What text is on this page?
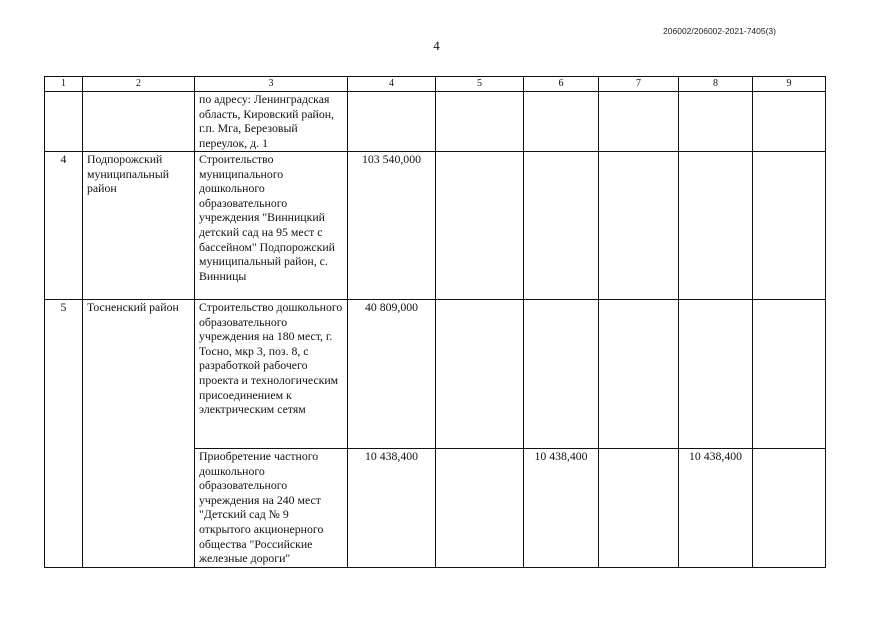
206002/206002-2021-7405(3)
4
1	2	3	4	5	6	7	8	9
		по адресу: Ленинградская область, Кировский район, г.п. Мга, Березовый переулок, д. 1						
4	Подпорожский муниципальный район	Строительство муниципального дошкольного образовательного учреждения "Винницкий детский сад на 95 мест с бассейном" Подпорожский муниципальный район, с. Винницы	103 540,000					
5	Тосненский район	Строительство дошкольного образовательного учреждения на 180 мест, г. Тосно, мкр 3, поз. 8, с разработкой рабочего проекта и технологическим присоединением к электрическим сетям	40 809,000					
		Приобретение частного дошкольного образовательного учреждения на 240 мест "Детский сад № 9 открытого акционерного общества "Российские железные дороги"	10 438,400		10 438,400		10 438,400	
